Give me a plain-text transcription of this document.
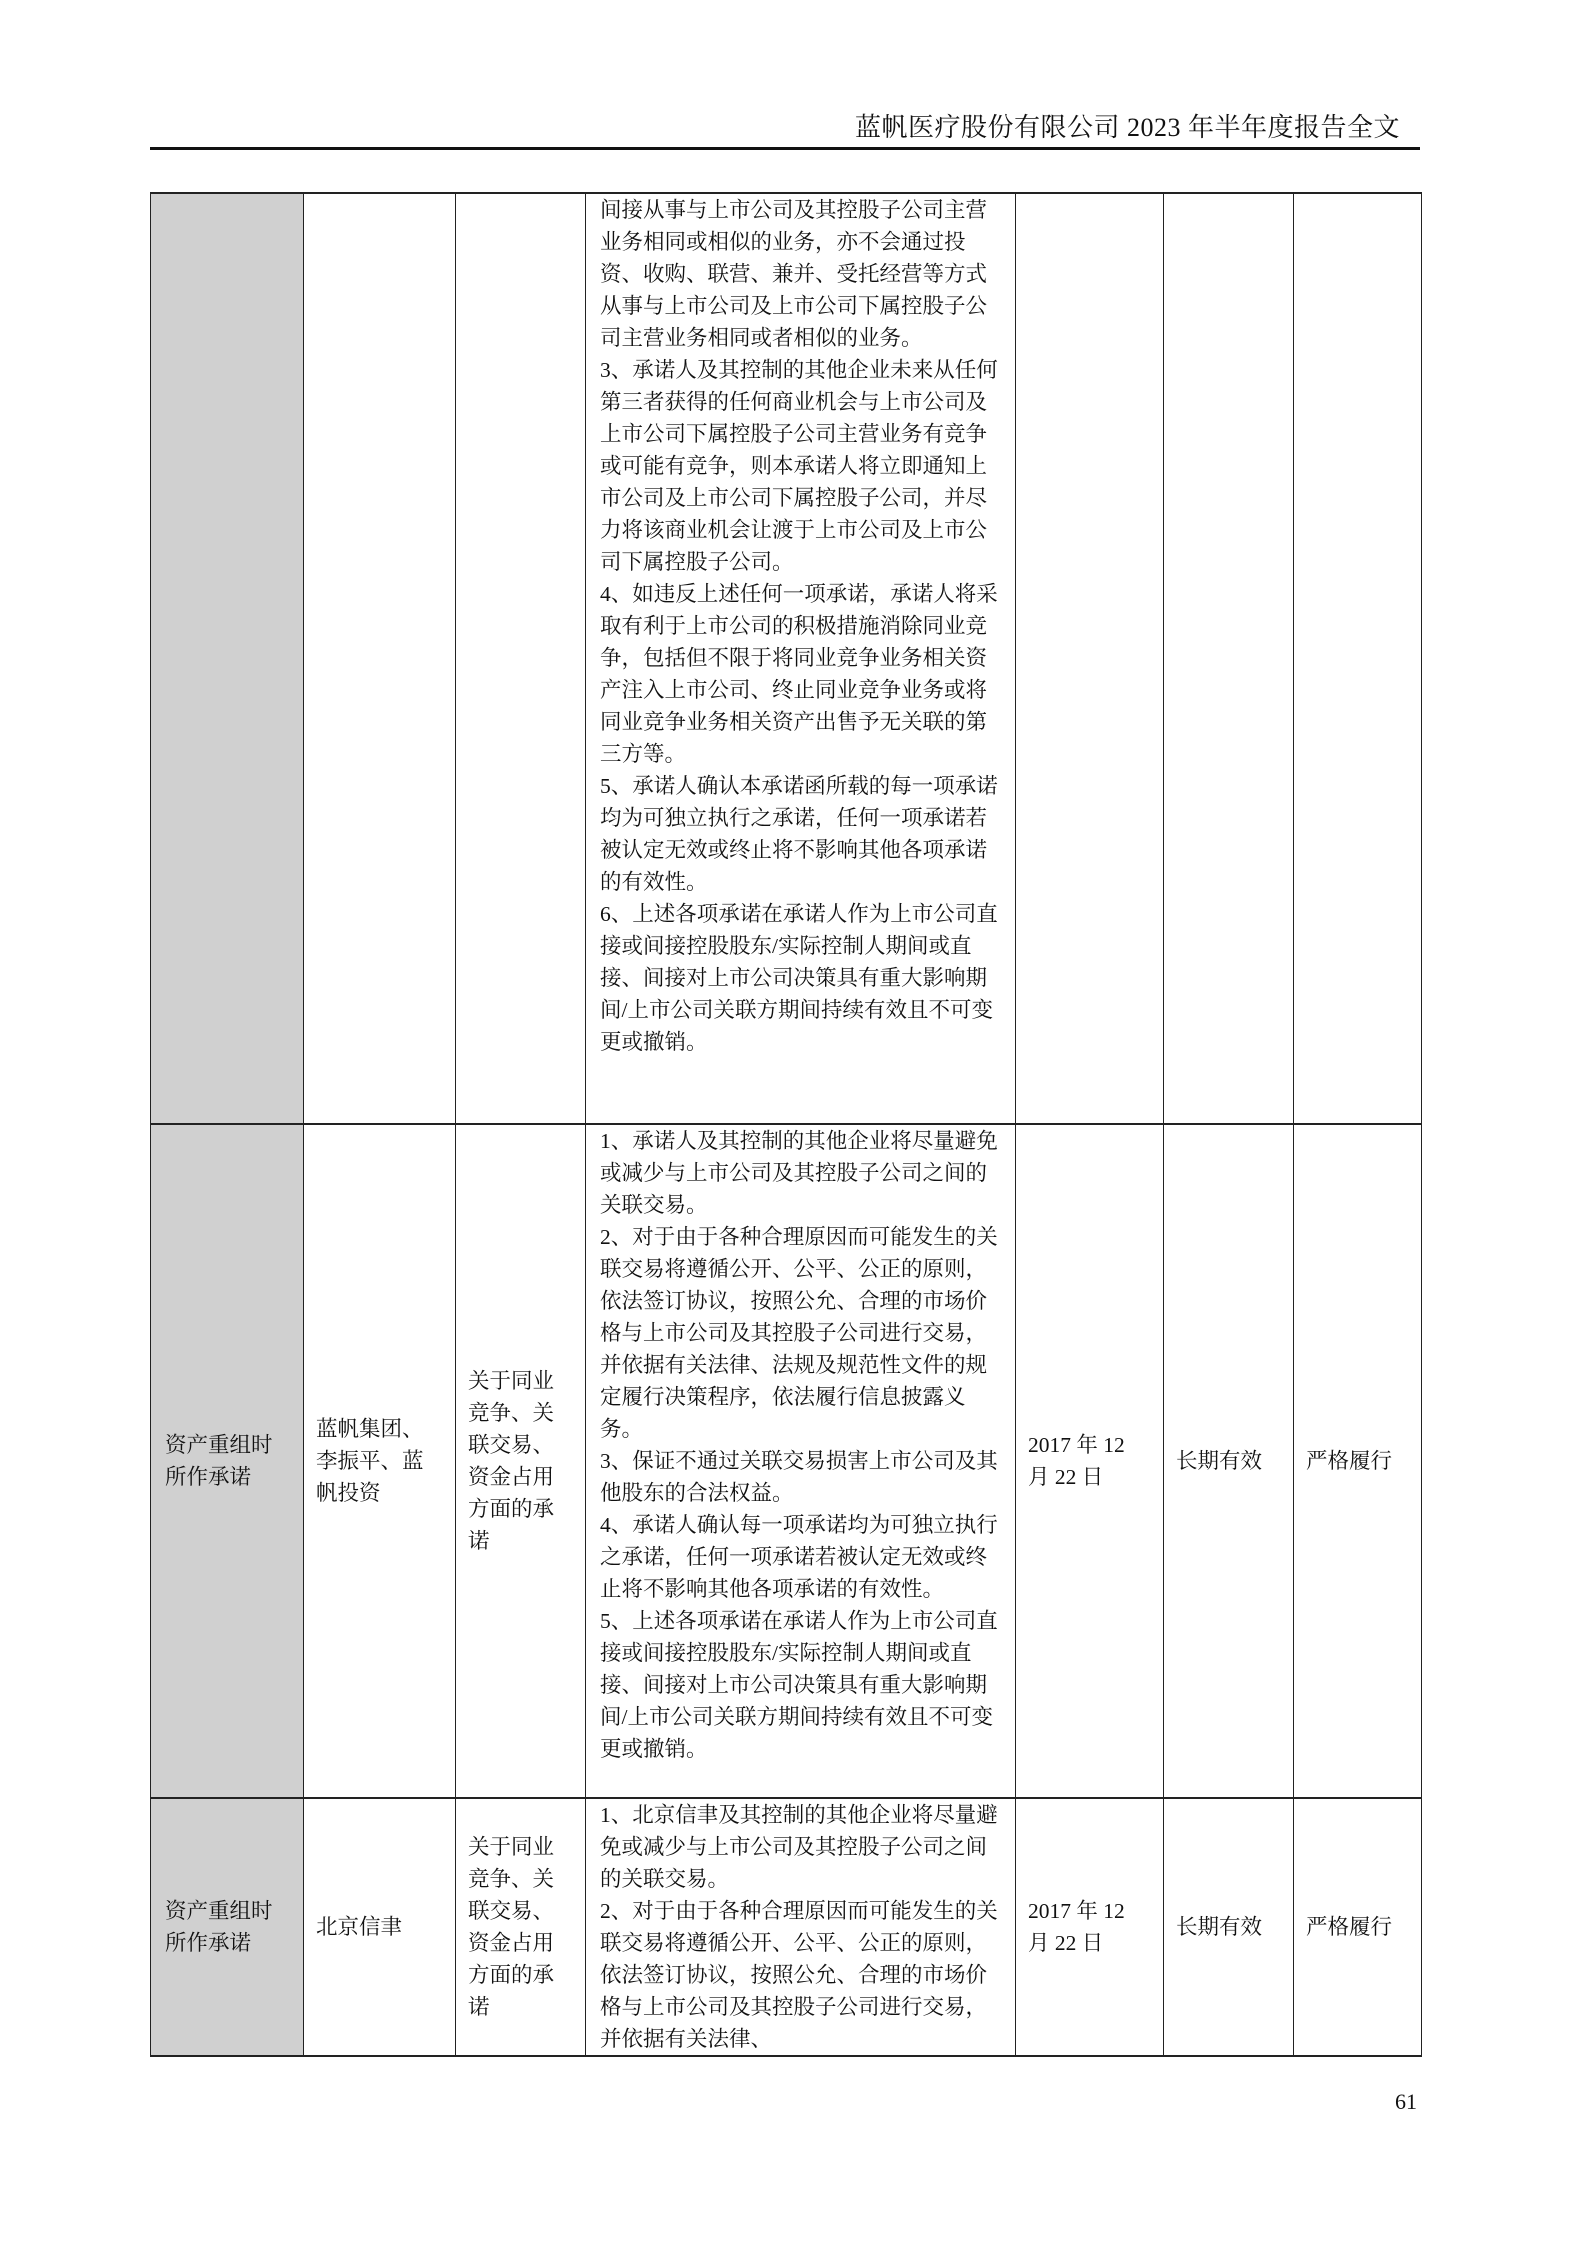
蓝帆医疗股份有限公司 2023 年半年度报告全文

			间接从事与上市公司及其控股子公司主营业务相同或相似的业务，亦不会通过投资、收购、联营、兼并、受托经营等方式从事与上市公司及上市公司下属控股子公司主营业务相同或者相似的业务。
3、承诺人及其控制的其他企业未来从任何第三者获得的任何商业机会与上市公司及上市公司下属控股子公司主营业务有竞争或可能有竞争，则本承诺人将立即通知上市公司及上市公司下属控股子公司，并尽力将该商业机会让渡于上市公司及上市公司下属控股子公司。
4、如违反上述任何一项承诺，承诺人将采取有利于上市公司的积极措施消除同业竞争，包括但不限于将同业竞争业务相关资产注入上市公司、终止同业竞争业务或将同业竞争业务相关资产出售予无关联的第三方等。
5、承诺人确认本承诺函所载的每一项承诺均为可独立执行之承诺，任何一项承诺若被认定无效或终止将不影响其他各项承诺的有效性。
6、上述各项承诺在承诺人作为上市公司直接或间接控股股东/实际控制人期间或直接、间接对上市公司决策具有重大影响期间/上市公司关联方期间持续有效且不可变更或撤销。			

资产重组时所作承诺	蓝帆集团、李振平、蓝帆投资	关于同业竞争、关联交易、资金占用方面的承诺	1、承诺人及其控制的其他企业将尽量避免或减少与上市公司及其控股子公司之间的关联交易。
2、对于由于各种合理原因而可能发生的关联交易将遵循公开、公平、公正的原则，依法签订协议，按照公允、合理的市场价格与上市公司及其控股子公司进行交易，并依据有关法律、法规及规范性文件的规定履行决策程序，依法履行信息披露义务。
3、保证不通过关联交易损害上市公司及其他股东的合法权益。
4、承诺人确认每一项承诺均为可独立执行之承诺，任何一项承诺若被认定无效或终止将不影响其他各项承诺的有效性。
5、上述各项承诺在承诺人作为上市公司直接或间接控股股东/实际控制人期间或直接、间接对上市公司决策具有重大影响期间/上市公司关联方期间持续有效且不可变更或撤销。	2017 年 12 月 22 日	长期有效	严格履行
资产重组时所作承诺	北京信聿	关于同业竞争、关联交易、资金占用方面的承诺	1、北京信聿及其控制的其他企业将尽量避免或减少与上市公司及其控股子公司之间的关联交易。
2、对于由于各种合理原因而可能发生的关联交易将遵循公开、公平、公正的原则，依法签订协议，按照公允、合理的市场价格与上市公司及其控股子公司进行交易，并依据有关法律、	2017 年 12 月 22 日	长期有效	严格履行
61
